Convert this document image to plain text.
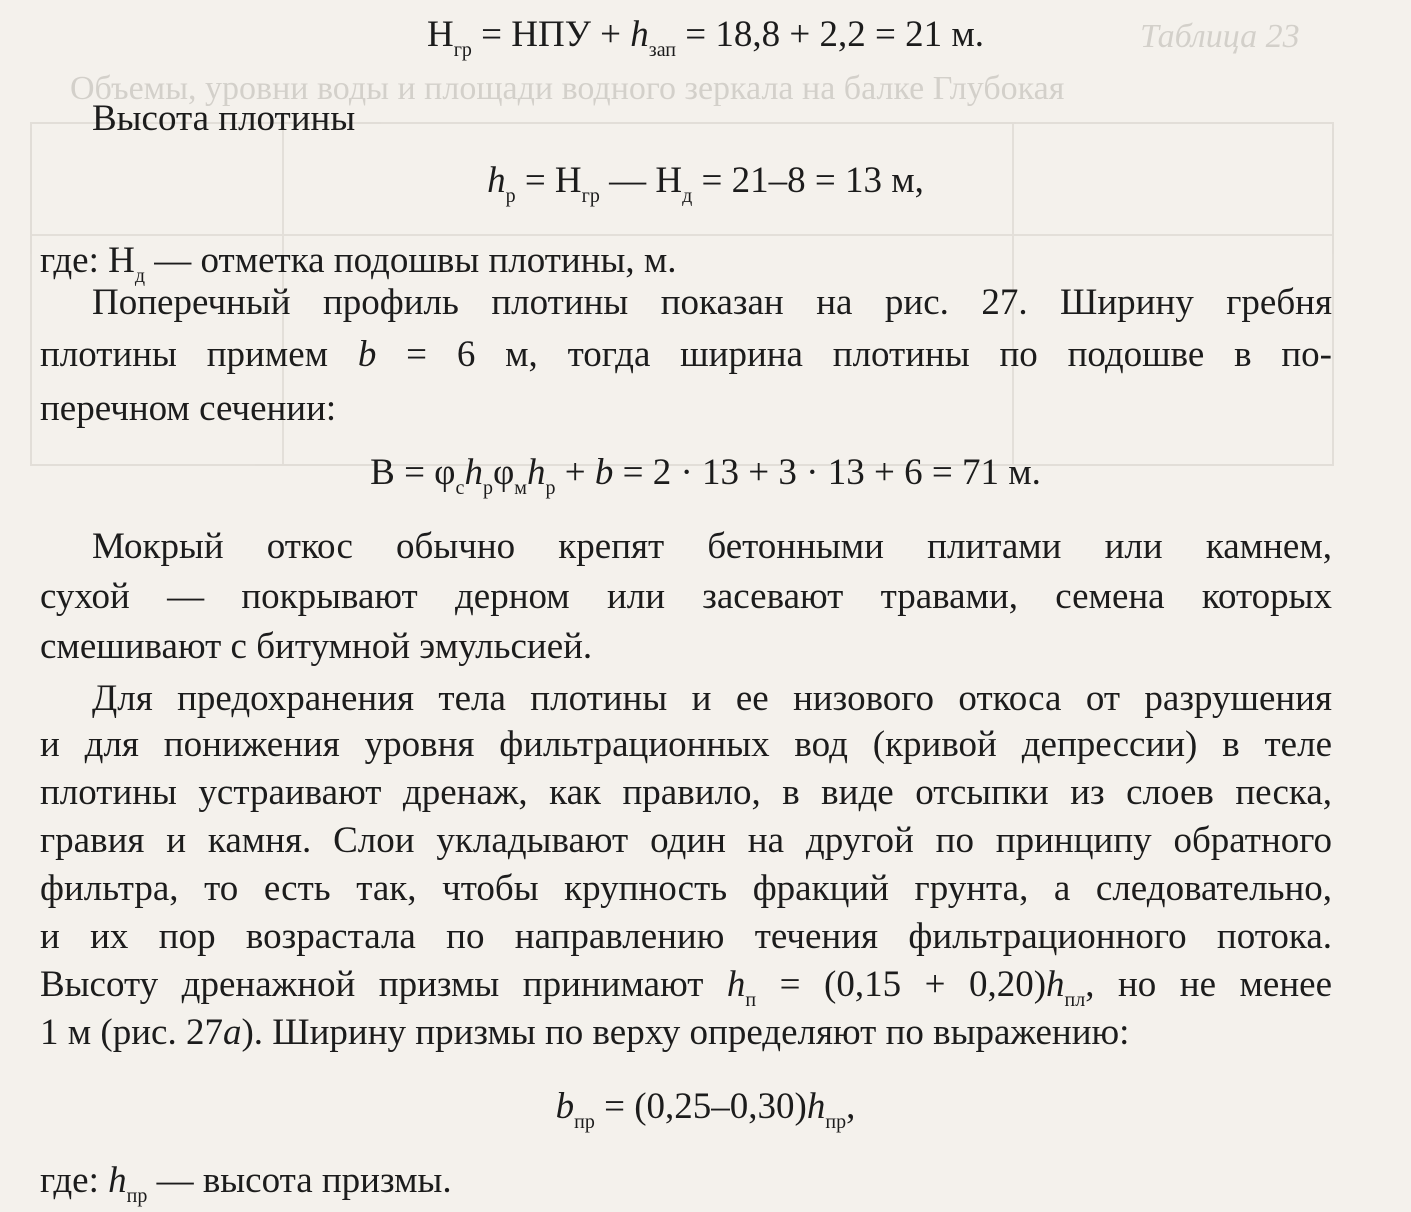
Таблица 23
Объемы, уровни воды и площади водного зеркала на балке Глубокая
$Н_{гр}$ = НПУ + $h_{зап} = 18,8 + 2,2 = 21$ м.
Высота плотины
$h_р = Н_{гр}$ — $Н_д = 21-8 = 13$ м,
где: $Н_д$ — отметка подошвы плотины, м.
Поперечный профиль плотины показан на рис. 27. Ширину гребня
плотины примем b = 6 м, тогда ширина плотины по подошве в по-
перечном сечении:
$В = \varphi_сh_р\varphi_мh_р + b = 2 \cdot 13 + 3 \cdot 13 + 6 = 71$ м.
Мокрый откос обычно крепят бетонными плитами или камнем,
сухой — покрывают дерном или засевают травами, семена которых
смешивают с битумной эмульсией.
Для предохранения тела плотины и ее низового откоса от разрушения
и для понижения уровня фильтрационных вод (кривой депрессии) в теле
плотины устраивают дренаж, как правило, в виде отсыпки из слоев песка,
гравия и камня. Слои укладывают один на другой по принципу обратного
фильтра, то есть так, чтобы крупность фракций грунта, а следовательно,
и их пор возрастала по направлению течения фильтрационного потока.
Высоту дренажной призмы принимают $h_п = (0,15 + 0,20)h_{пл}$, но не менее
1 м (рис. 27а). Ширину призмы по верху определяют по выражению:
$b_{пр} = (0,25-0,30)h_{пр}$,
где: $h_{пр}$ — высота призмы.
